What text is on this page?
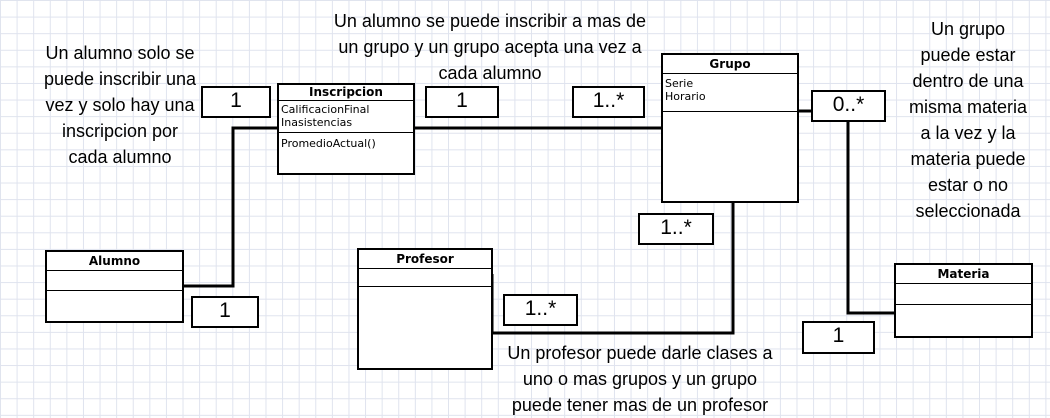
Un alumno solo se
puede inscribir una
vez y solo hay una
inscripcion por
cada alumno
Un alumno se puede inscribir a mas de
un grupo y un grupo acepta una vez a
cada alumno
Un grupo
puede estar
dentro de una
misma materia
a la vez y la
materia puede
estar o no
seleccionada
Un profesor puede darle clases a
uno o mas grupos y un grupo
puede tener mas de un profesor
Inscripcion
CalificacionFinal
Inasistencias
PromedioActual()
Grupo
Serie
Horario
Alumno	Profesor
Materia
1
1
1	1..*	0..*
1..*
1..*
1
